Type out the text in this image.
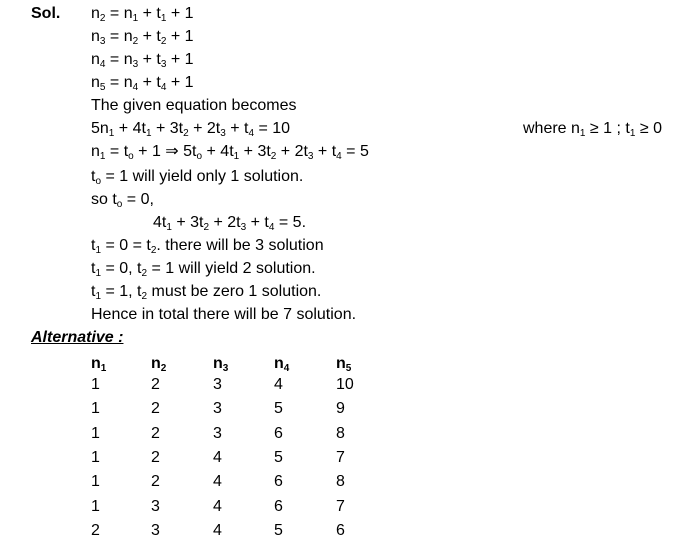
Sol. $n_2 = n_1 + t_1 + 1$
$n_3 = n_2 + t_2 + 1$
$n_4 = n_3 + t_3 + 1$
$n_5 = n_4 + t_4 + 1$
The given equation becomes
$5n_1 + 4t_1 + 3t_2 + 2t_3 + t_4 = 10$
$n_1 = t_o + 1$ ⇒ $5t_o + 4t_1 + 3t_2 + 2t_3 + t_4 = 5$
$t_o = 1$ will yield only 1 solution.
so $t_o = 0$,
$4t_1 + 3t_2 + 2t_3 + t_4 = 5$.
$t_1 = 0 = t_2$. there will be 3 solution
$t_1 = 0$, $t_2 = 1$ will yield 2 solution.
$t_1 = 1$, $t_2$ must be zero 1 solution.
Hence in total there will be 7 solution.
where $n_1 \ge 1$ ; $t_1 \ge 0$
Alternative :
$n_1$	$n_2$	$n_3$	$n_4$	$n_5$
1	2	3	4	10
1	2	3	5	9
1	2	3	6	8
1	2	4	5	7
1	2	4	6	8
1	3	4	6	7
2	3	4	5	6
